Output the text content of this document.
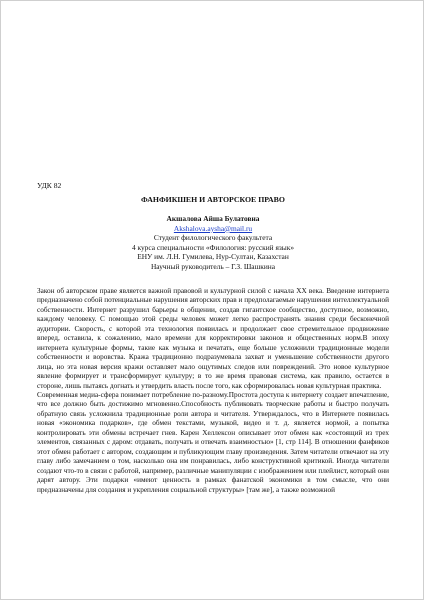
УДК 82
ФАНФИКШЕН И АВТОРСКОЕ ПРАВО
Акшалова Айша Булатовна
Akshalova.aysha@mail.ru
Студент филологического факультета
4 курса специальности «Филология: русский язык»
ЕНУ им. Л.Н. Гумилева, Нур-Султан, Казахстан
Научный руководитель – Г.З. Шашкина

Закон об авторском праве является важной правовой и культурной силой с начала XX века. Введение интернета предназначено собой потенциальные нарушения авторских прав и предполагаемые нарушения интеллектуальной собственности. Интернет разрушил барьеры в общении, создав гигантское сообщество, доступное, возможно, каждому человеку. С помощью этой среды человек может легко распространять знания среди бесконечной аудитории. Скорость, с которой эта технология появилась и продолжает свое стремительное продвижение вперед, оставила, к сожалению, мало времени для корректировки законов и общественных норм.В эпоху интернета культурные формы, такие как музыка и печатать, еще больше усложнили традиционные модели собственности и воровства. Кража традиционно подразумевала захват и уменьшение собственности другого лица, но эта новая версия кражи оставляет мало ощутимых следов или повреждений. Это новое культурное явление формирует и трансформирует культуру; в то же время правовая система, как правило, остается в стороне, лишь пытаясь догнать и утвердить власть после того, как сформировалась новая культурная практика.

Современная медиа-сфера понимает потребление по-разному.Простота доступа к интернету создает впечатление, что все должно быть достижимо мгновенно.Способность публиковать творческие работы и быстро получать обратную связь усложнила традиционные роли автора и читателя. Утверждалось, что в Интернете появилась новая «экономика подарков», где обмен текстами, музыкой, видео и т. д. является нормой, а попытка контролировать эти обмены встречает гнев. Карен Хеллексон описывает этот обмен как «состоящий из трех элементов, связанных с даром: отдавать, получать и отвечать взаимностью» [1, стр 114]. В отношении фанфиков этот обмен работает с автором, создающим и публикующим главу произведения. Затем читатели отвечают на эту главу либо замечанием о том, насколько она им понравилась, либо конструктивной критикой. Иногда читатели создают что-то в связи с работой, например, различные манипуляции с изображением или плейлист, который они дарят автору. Эти подарки «имеют ценность в рамках фанатской экономики в том смысле, что они предназначены для создания и укрепления социальной структуры» [там же], а также возможной
